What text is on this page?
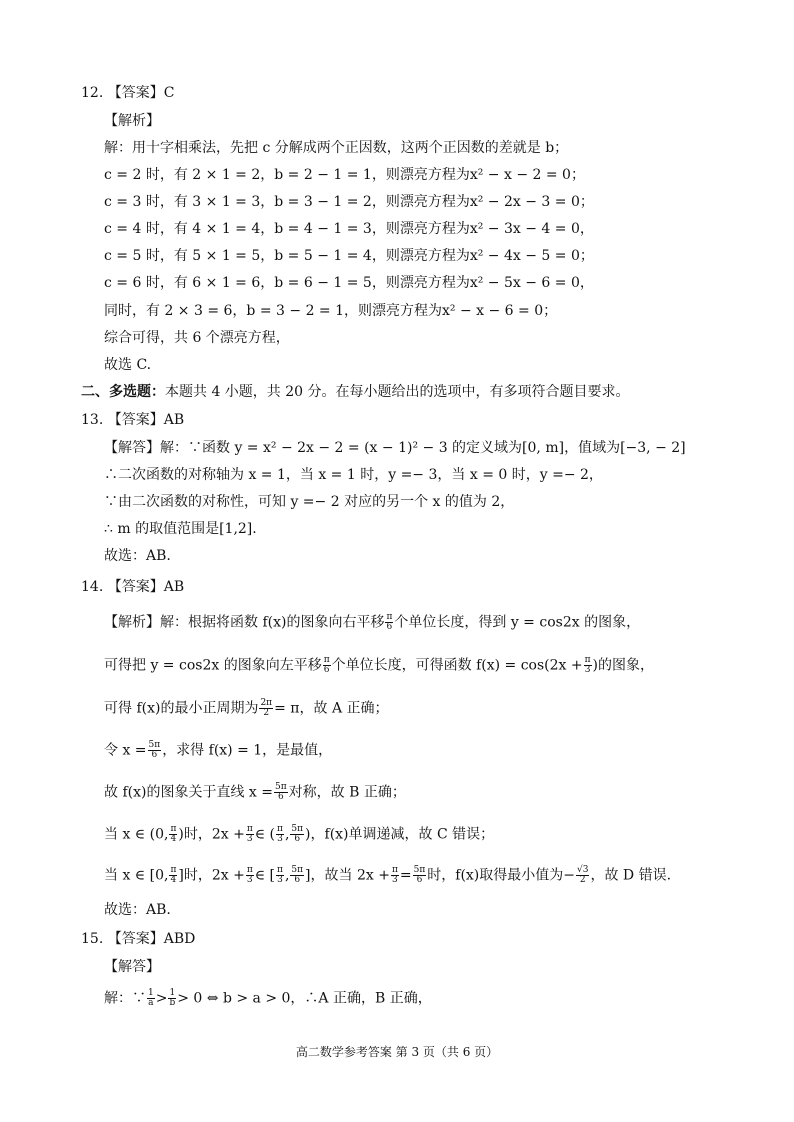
12. 【答案】C
【解析】
解：用十字相乘法，先把 c 分解成两个正因数，这两个正因数的差就是 b；
c = 2 时，有 2 × 1 = 2，b = 2 − 1 = 1，则漂亮方程为x² − x − 2 = 0；
c = 3 时，有 3 × 1 = 3，b = 3 − 1 = 2，则漂亮方程为x² − 2x − 3 = 0；
c = 4 时，有 4 × 1 = 4，b = 4 − 1 = 3，则漂亮方程为x² − 3x − 4 = 0，
c = 5 时，有 5 × 1 = 5，b = 5 − 1 = 4，则漂亮方程为x² − 4x − 5 = 0；
c = 6 时，有 6 × 1 = 6，b = 6 − 1 = 5，则漂亮方程为x² − 5x − 6 = 0，
同时，有 2 × 3 = 6，b = 3 − 2 = 1，则漂亮方程为x² − x − 6 = 0；
综合可得，共 6 个漂亮方程，
故选 C.
二、多选题：本题共 4 小题，共 20 分。在每小题给出的选项中，有多项符合题目要求。
13. 【答案】AB
【解答】解：∵函数 y = x² − 2x − 2 = (x − 1)² − 3 的定义域为[0, m]，值域为[−3, − 2]
∴二次函数的对称轴为 x = 1，当 x = 1 时，y =− 3，当 x = 0 时，y =− 2，
∵由二次函数的对称性，可知 y =− 2 对应的另一个 x 的值为 2，
∴ m 的取值范围是[1,2].
故选：AB.
14. 【答案】AB
【解析】解：根据将函数 f(x)的图象向右平移 $\frac{\pi}{6}$ 个单位长度，得到 y = cos2x 的图象，
可得把 y = cos2x 的图象向左平移 $\frac{\pi}{6}$ 个单位长度，可得函数 $f(x) = \cos(2x + \frac{\pi}{3}$ )的图象，
可得 f(x)的最小正周期为 $\frac{2\pi}{2} = \pi$，故 A 正确；
令 $x = \frac{5\pi}{6}$ ，求得 f(x) = 1，是最值，
故 f(x)的图象关于直线 $x = \frac{5\pi}{6}$ 对称，故 B 正确；
当 x ∈ (0, $\frac{\pi}{4}$ )时，$2x + \frac{\pi}{3}$ ∈ ( $\frac{\pi}{3}$ , $\frac{5\pi}{6}$ )，f(x)单调递减，故 C 错误；
当 x ∈ [0, $\frac{\pi}{4}$ ]时，$2x + \frac{\pi}{3}$ ∈ [ $\frac{\pi}{3}$ , $\frac{5\pi}{6}$ ]，故当 $2x + \frac{\pi}{3} = \frac{5\pi}{6}$ 时，f(x)取得最小值为− $\frac{√3}{2}$ ，故 D 错误.
故选：AB.
15. 【答案】ABD
【解答】
解：∵ $\frac{1}{a} > \frac{1}{b} > 0$ ⇔ b > a > 0，∴A 正确，B 正确，
高二数学参考答案 第 3 页（共 6 页）
